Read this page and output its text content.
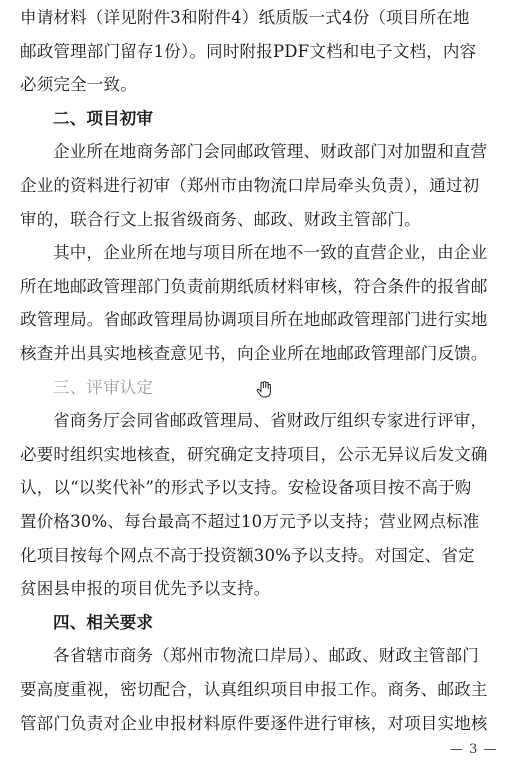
申请材料（详见附件3和附件4）纸质版一式4份（项目所在地
邮政管理部门留存1份）。同时附报PDF文档和电子文档，内容
必须完全一致。
二、项目初审
企业所在地商务部门会同邮政管理、财政部门对加盟和直营
企业的资料进行初审（郑州市由物流口岸局牵头负责），通过初
审的，联合行文上报省级商务、邮政、财政主管部门。
其中，企业所在地与项目所在地不一致的直营企业，由企业
所在地邮政管理部门负责前期纸质材料审核，符合条件的报省邮
政管理局。省邮政管理局协调项目所在地邮政管理部门进行实地
核查并出具实地核查意见书，向企业所在地邮政管理部门反馈。
三、评审认定
省商务厅会同省邮政管理局、省财政厅组织专家进行评审，
必要时组织实地核查，研究确定支持项目，公示无异议后发文确
认，以“以奖代补”的形式予以支持。安检设备项目按不高于购
置价格30%、每台最高不超过10万元予以支持；营业网点标准
化项目按每个网点不高于投资额30%予以支持。对国定、省定
贫困县申报的项目优先予以支持。
四、相关要求
各省辖市商务（郑州市物流口岸局）、邮政、财政主管部门
要高度重视，密切配合，认真组织项目申报工作。商务、邮政主
管部门负责对企业申报材料原件要逐件进行审核，对项目实地核
— 3 —
